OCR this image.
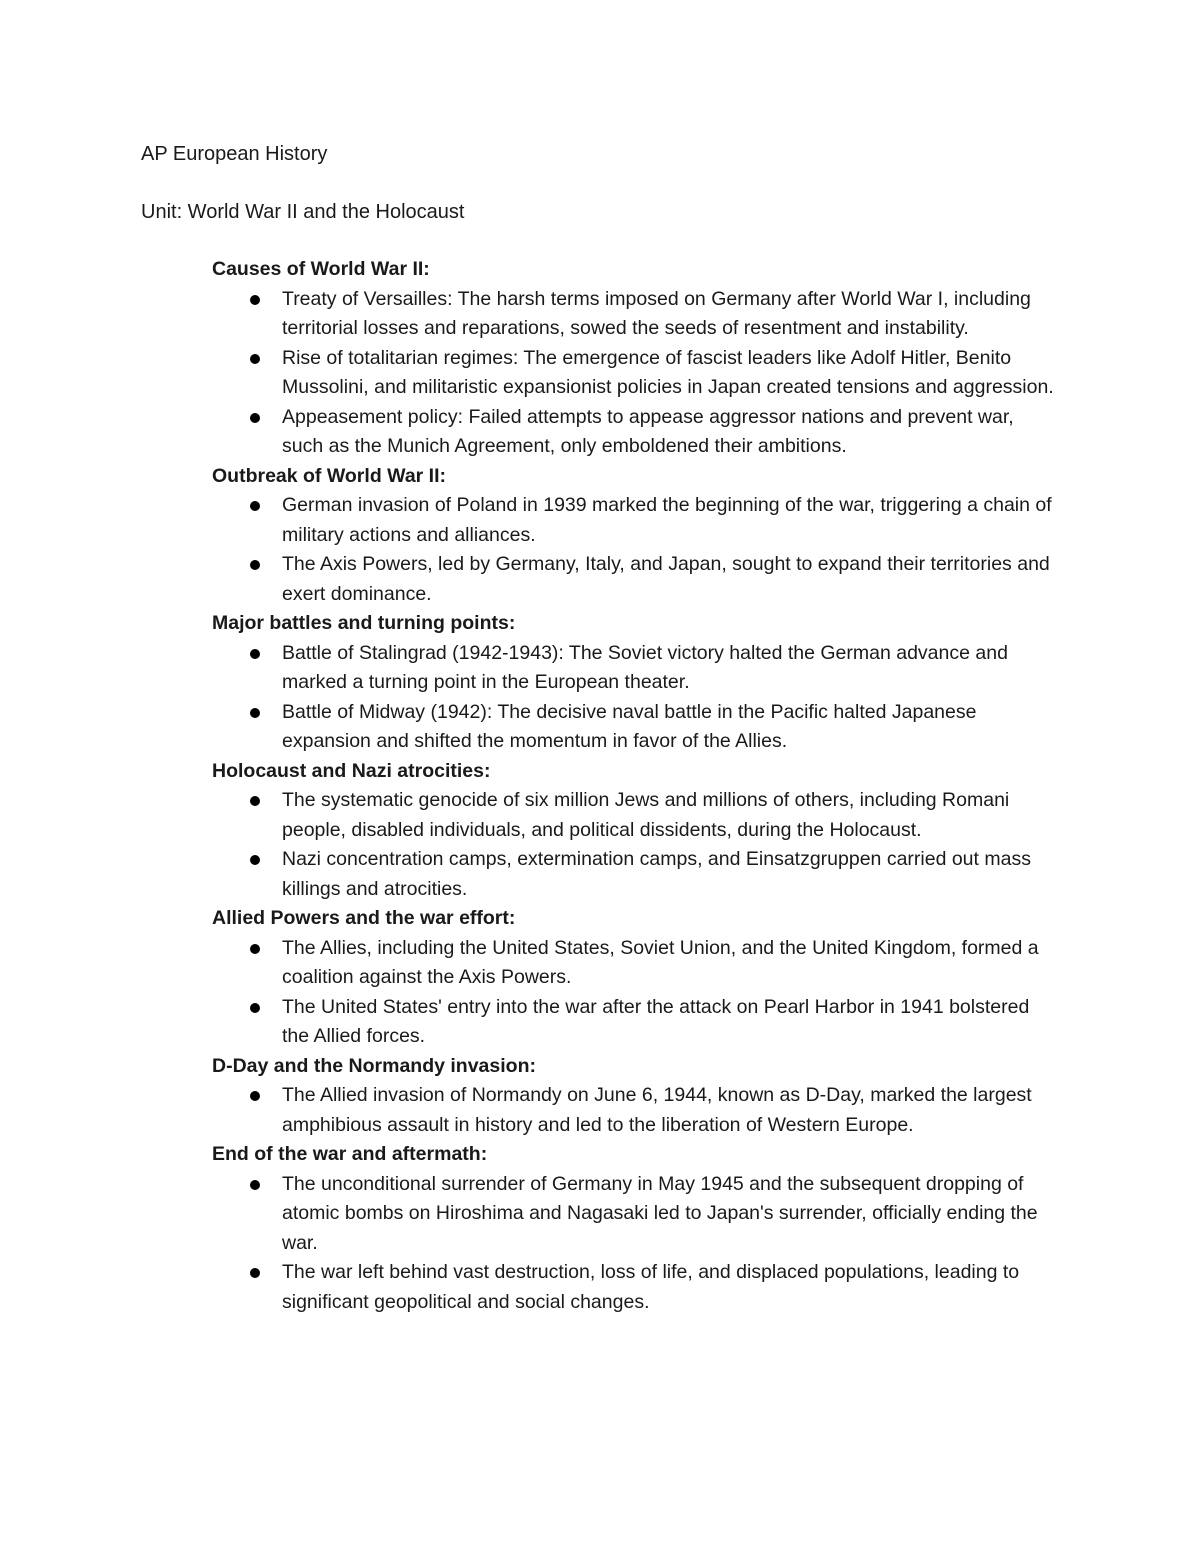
AP European History

Unit: World War II and the Holocaust

Causes of World War II:

Treaty of Versailles: The harsh terms imposed on Germany after World War I, including territorial losses and reparations, sowed the seeds of resentment and instability.
Rise of totalitarian regimes: The emergence of fascist leaders like Adolf Hitler, Benito Mussolini, and militaristic expansionist policies in Japan created tensions and aggression.
Appeasement policy: Failed attempts to appease aggressor nations and prevent war, such as the Munich Agreement, only emboldened their ambitions.

Outbreak of World War II:

German invasion of Poland in 1939 marked the beginning of the war, triggering a chain of military actions and alliances.
The Axis Powers, led by Germany, Italy, and Japan, sought to expand their territories and exert dominance.

Major battles and turning points:

Battle of Stalingrad (1942-1943): The Soviet victory halted the German advance and marked a turning point in the European theater.
Battle of Midway (1942): The decisive naval battle in the Pacific halted Japanese expansion and shifted the momentum in favor of the Allies.

Holocaust and Nazi atrocities:

The systematic genocide of six million Jews and millions of others, including Romani people, disabled individuals, and political dissidents, during the Holocaust.
Nazi concentration camps, extermination camps, and Einsatzgruppen carried out mass killings and atrocities.

Allied Powers and the war effort:

The Allies, including the United States, Soviet Union, and the United Kingdom, formed a coalition against the Axis Powers.
The United States' entry into the war after the attack on Pearl Harbor in 1941 bolstered the Allied forces.

D-Day and the Normandy invasion:

The Allied invasion of Normandy on June 6, 1944, known as D-Day, marked the largest amphibious assault in history and led to the liberation of Western Europe.

End of the war and aftermath:

The unconditional surrender of Germany in May 1945 and the subsequent dropping of atomic bombs on Hiroshima and Nagasaki led to Japan's surrender, officially ending the war.
The war left behind vast destruction, loss of life, and displaced populations, leading to significant geopolitical and social changes.
